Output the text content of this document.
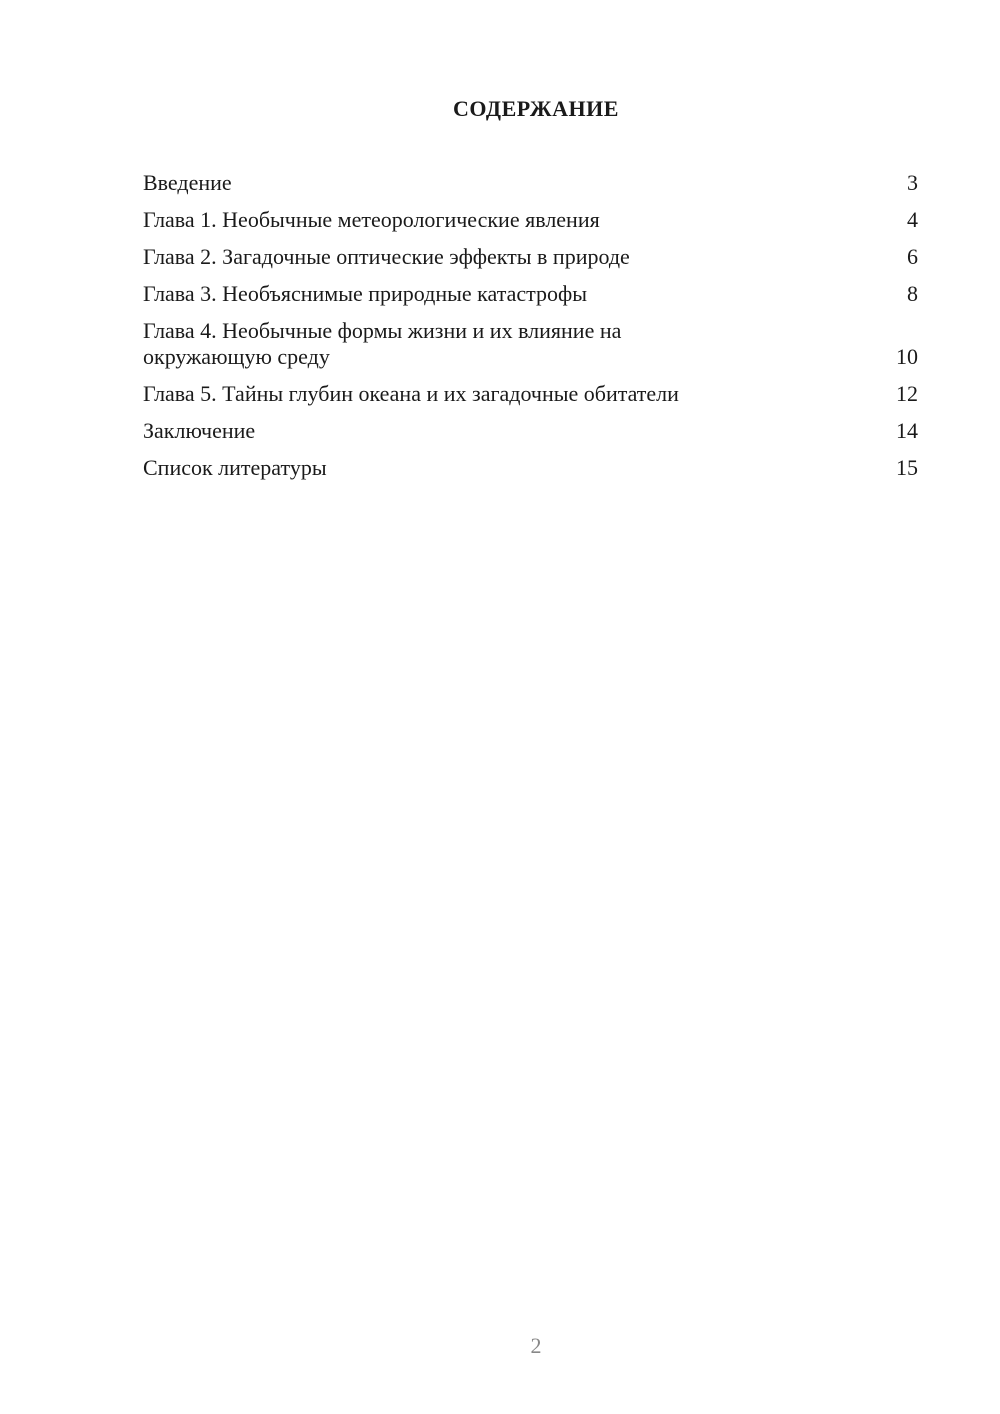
СОДЕРЖАНИЕ
Введение	3
Глава 1. Необычные метеорологические явления	4
Глава 2. Загадочные оптические эффекты в природе	6
Глава 3. Необъяснимые природные катастрофы	8
Глава 4. Необычные формы жизни и их влияние на окружающую среду	10
Глава 5. Тайны глубин океана и их загадочные обитатели	12
Заключение	14
Список литературы	15

2
